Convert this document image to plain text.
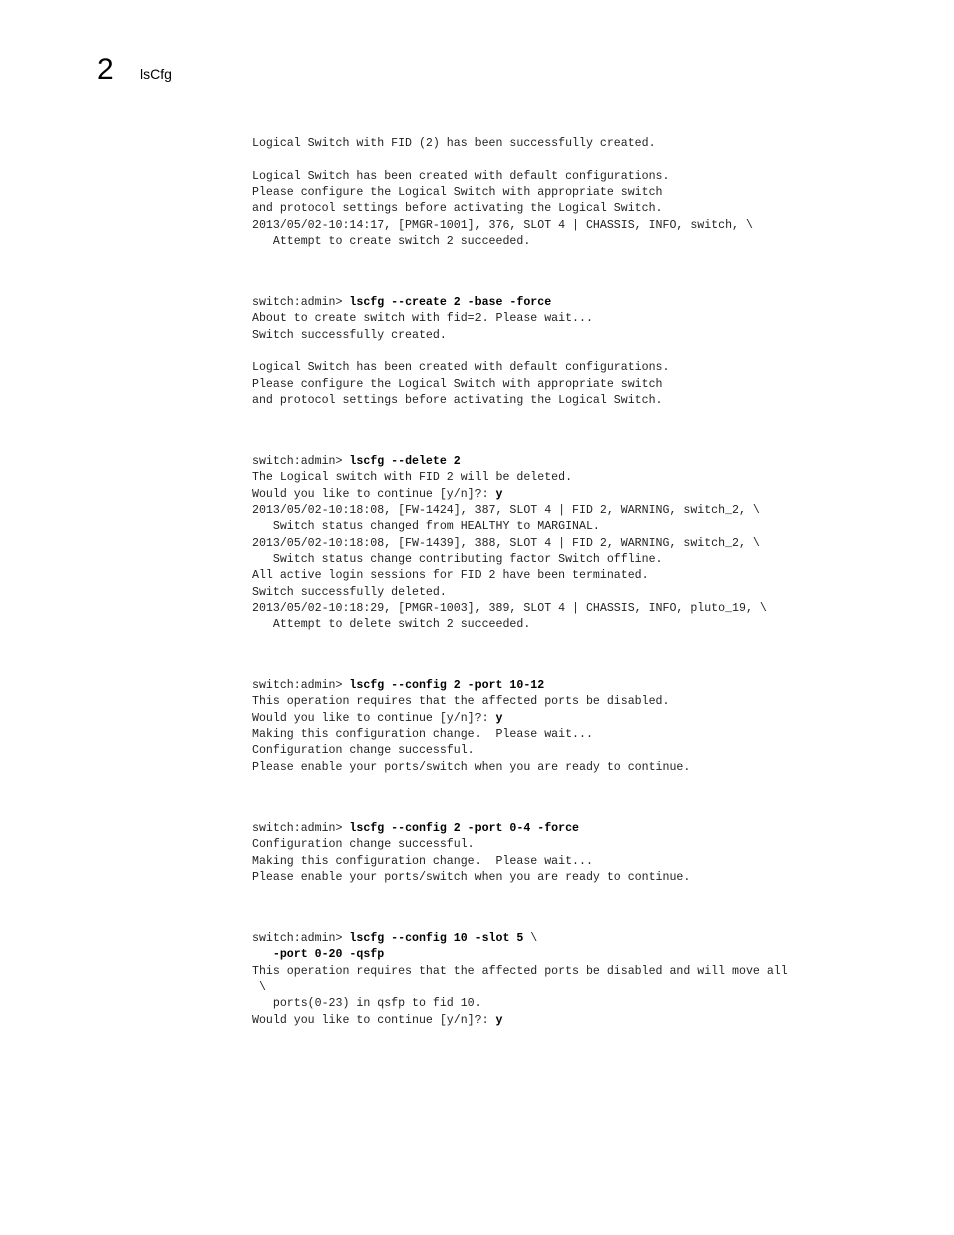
2 lsCfg
Logical Switch with FID (2) has been successfully created.
Logical Switch has been created with default configurations.
Please configure the Logical Switch with appropriate switch
and protocol settings before activating the Logical Switch.
2013/05/02-10:14:17, [PMGR-1001], 376, SLOT 4 | CHASSIS, INFO, switch, \
Attempt to create switch 2 succeeded.
switch:admin> lscfg --create 2 -base -force
About to create switch with fid=2. Please wait...
Switch successfully created.
Logical Switch has been created with default configurations.
Please configure the Logical Switch with appropriate switch
and protocol settings before activating the Logical Switch.
switch:admin> lscfg --delete 2
The Logical switch with FID 2 will be deleted.
Would you like to continue [y/n]?: y
2013/05/02-10:18:08, [FW-1424], 387, SLOT 4 | FID 2, WARNING, switch_2, \
Switch status changed from HEALTHY to MARGINAL.
2013/05/02-10:18:08, [FW-1439], 388, SLOT 4 | FID 2, WARNING, switch_2, \
Switch status change contributing factor Switch offline.
All active login sessions for FID 2 have been terminated.
Switch successfully deleted.
2013/05/02-10:18:29, [PMGR-1003], 389, SLOT 4 | CHASSIS, INFO, pluto_19, \
Attempt to delete switch 2 succeeded.
switch:admin> lscfg --config 2 -port 10-12
This operation requires that the affected ports be disabled.
Would you like to continue [y/n]?: y
Making this configuration change.  Please wait...
Configuration change successful.
Please enable your ports/switch when you are ready to continue.
switch:admin> lscfg --config 2 -port 0-4 -force
Configuration change successful.
Making this configuration change.  Please wait...
Please enable your ports/switch when you are ready to continue.
switch:admin> lscfg --config 10 -slot 5 \
-port 0-20 -qsfp
This operation requires that the affected ports be disabled and will move all
\
ports(0-23) in qsfp to fid 10.
Would you like to continue [y/n]?: y
